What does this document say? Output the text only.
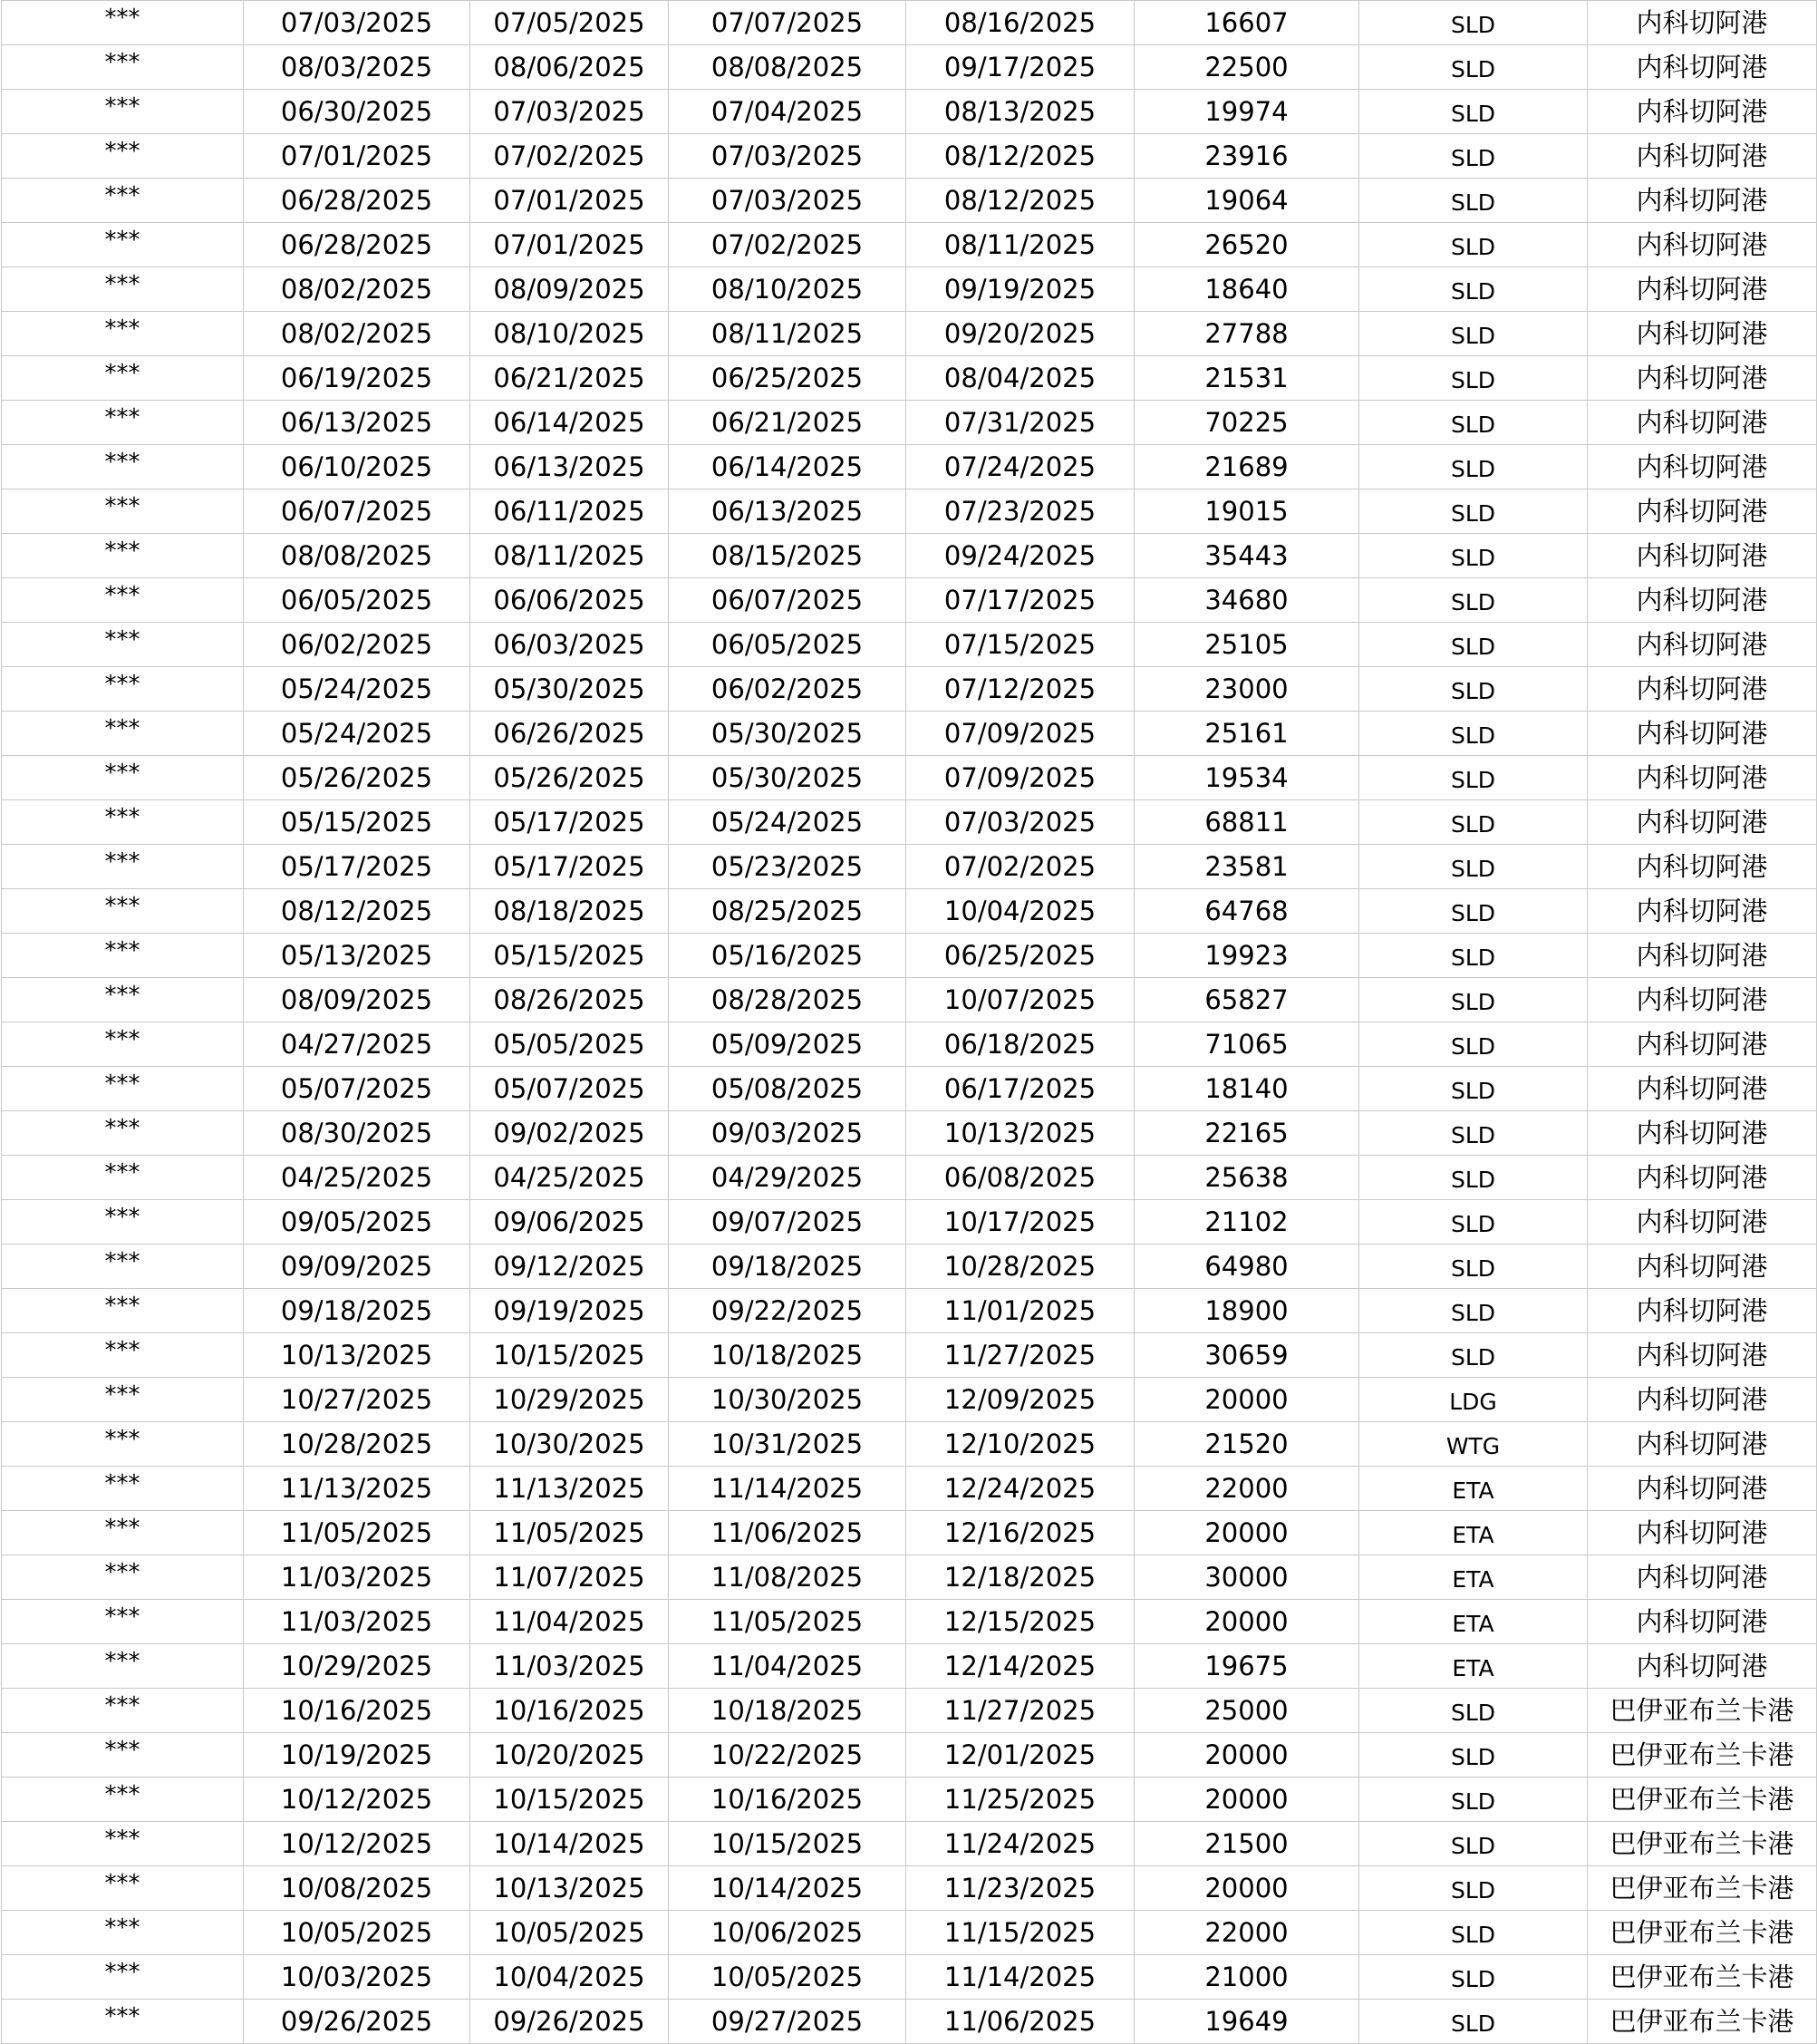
***	07/03/2025	07/05/2025	07/07/2025	08/16/2025	16607	SLD	内科切阿港
***	08/03/2025	08/06/2025	08/08/2025	09/17/2025	22500	SLD	内科切阿港
***	06/30/2025	07/03/2025	07/04/2025	08/13/2025	19974	SLD	内科切阿港
***	07/01/2025	07/02/2025	07/03/2025	08/12/2025	23916	SLD	内科切阿港
***	06/28/2025	07/01/2025	07/03/2025	08/12/2025	19064	SLD	内科切阿港
***	06/28/2025	07/01/2025	07/02/2025	08/11/2025	26520	SLD	内科切阿港
***	08/02/2025	08/09/2025	08/10/2025	09/19/2025	18640	SLD	内科切阿港
***	08/02/2025	08/10/2025	08/11/2025	09/20/2025	27788	SLD	内科切阿港
***	06/19/2025	06/21/2025	06/25/2025	08/04/2025	21531	SLD	内科切阿港
***	06/13/2025	06/14/2025	06/21/2025	07/31/2025	70225	SLD	内科切阿港
***	06/10/2025	06/13/2025	06/14/2025	07/24/2025	21689	SLD	内科切阿港
***	06/07/2025	06/11/2025	06/13/2025	07/23/2025	19015	SLD	内科切阿港
***	08/08/2025	08/11/2025	08/15/2025	09/24/2025	35443	SLD	内科切阿港
***	06/05/2025	06/06/2025	06/07/2025	07/17/2025	34680	SLD	内科切阿港
***	06/02/2025	06/03/2025	06/05/2025	07/15/2025	25105	SLD	内科切阿港
***	05/24/2025	05/30/2025	06/02/2025	07/12/2025	23000	SLD	内科切阿港
***	05/24/2025	06/26/2025	05/30/2025	07/09/2025	25161	SLD	内科切阿港
***	05/26/2025	05/26/2025	05/30/2025	07/09/2025	19534	SLD	内科切阿港
***	05/15/2025	05/17/2025	05/24/2025	07/03/2025	68811	SLD	内科切阿港
***	05/17/2025	05/17/2025	05/23/2025	07/02/2025	23581	SLD	内科切阿港
***	08/12/2025	08/18/2025	08/25/2025	10/04/2025	64768	SLD	内科切阿港
***	05/13/2025	05/15/2025	05/16/2025	06/25/2025	19923	SLD	内科切阿港
***	08/09/2025	08/26/2025	08/28/2025	10/07/2025	65827	SLD	内科切阿港
***	04/27/2025	05/05/2025	05/09/2025	06/18/2025	71065	SLD	内科切阿港
***	05/07/2025	05/07/2025	05/08/2025	06/17/2025	18140	SLD	内科切阿港
***	08/30/2025	09/02/2025	09/03/2025	10/13/2025	22165	SLD	内科切阿港
***	04/25/2025	04/25/2025	04/29/2025	06/08/2025	25638	SLD	内科切阿港
***	09/05/2025	09/06/2025	09/07/2025	10/17/2025	21102	SLD	内科切阿港
***	09/09/2025	09/12/2025	09/18/2025	10/28/2025	64980	SLD	内科切阿港
***	09/18/2025	09/19/2025	09/22/2025	11/01/2025	18900	SLD	内科切阿港
***	10/13/2025	10/15/2025	10/18/2025	11/27/2025	30659	SLD	内科切阿港
***	10/27/2025	10/29/2025	10/30/2025	12/09/2025	20000	LDG	内科切阿港
***	10/28/2025	10/30/2025	10/31/2025	12/10/2025	21520	WTG	内科切阿港
***	11/13/2025	11/13/2025	11/14/2025	12/24/2025	22000	ETA	内科切阿港
***	11/05/2025	11/05/2025	11/06/2025	12/16/2025	20000	ETA	内科切阿港
***	11/03/2025	11/07/2025	11/08/2025	12/18/2025	30000	ETA	内科切阿港
***	11/03/2025	11/04/2025	11/05/2025	12/15/2025	20000	ETA	内科切阿港
***	10/29/2025	11/03/2025	11/04/2025	12/14/2025	19675	ETA	内科切阿港
***	10/16/2025	10/16/2025	10/18/2025	11/27/2025	25000	SLD	巴伊亚布兰卡港
***	10/19/2025	10/20/2025	10/22/2025	12/01/2025	20000	SLD	巴伊亚布兰卡港
***	10/12/2025	10/15/2025	10/16/2025	11/25/2025	20000	SLD	巴伊亚布兰卡港
***	10/12/2025	10/14/2025	10/15/2025	11/24/2025	21500	SLD	巴伊亚布兰卡港
***	10/08/2025	10/13/2025	10/14/2025	11/23/2025	20000	SLD	巴伊亚布兰卡港
***	10/05/2025	10/05/2025	10/06/2025	11/15/2025	22000	SLD	巴伊亚布兰卡港
***	10/03/2025	10/04/2025	10/05/2025	11/14/2025	21000	SLD	巴伊亚布兰卡港
***	09/26/2025	09/26/2025	09/27/2025	11/06/2025	19649	SLD	巴伊亚布兰卡港
